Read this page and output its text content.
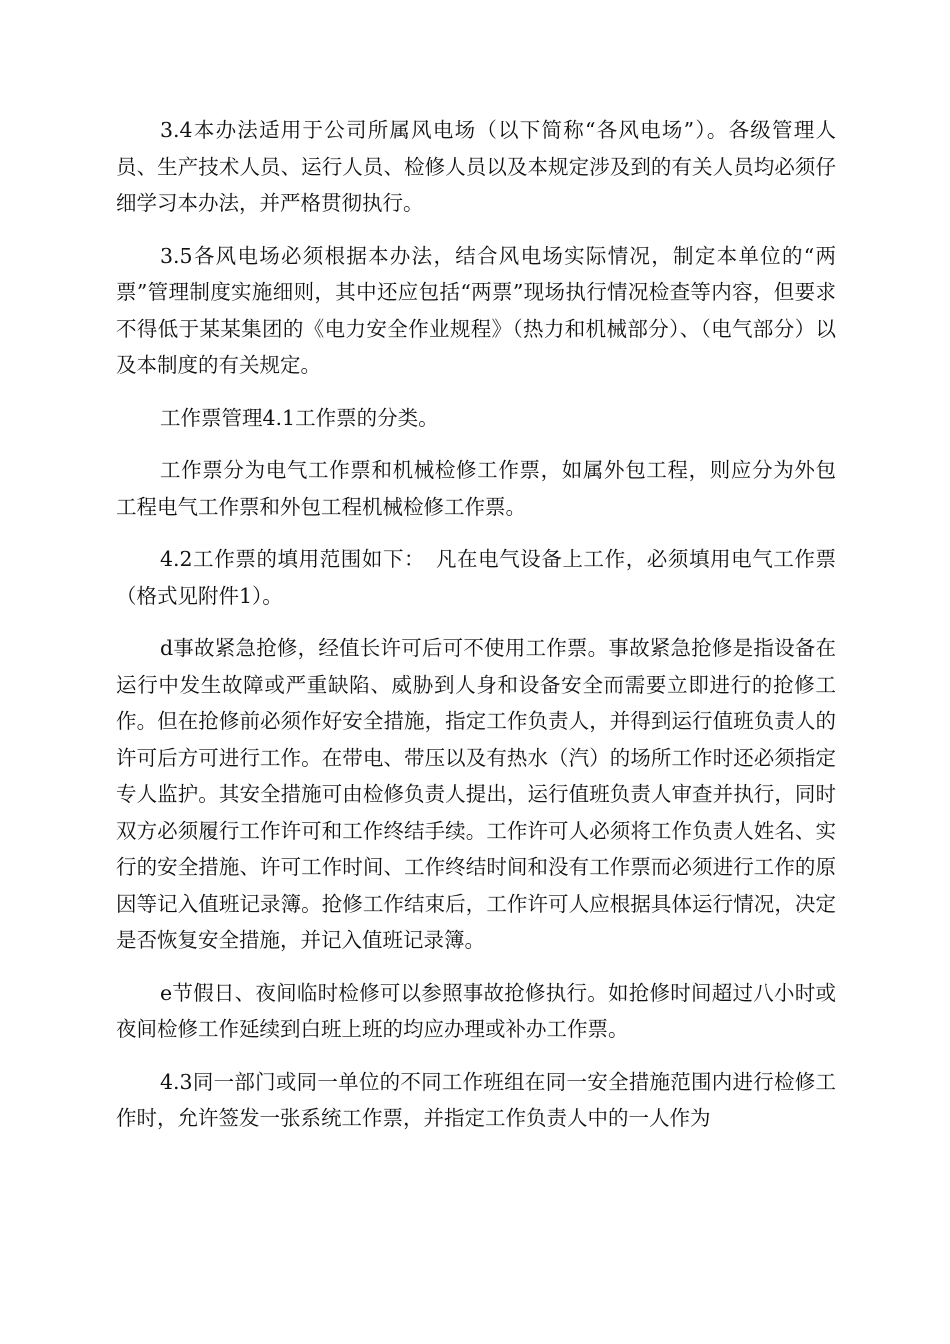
3.4本办法适用于公司所属风电场（以下简称“各风电场”）。各级管理人员、生产技术人员、运行人员、检修人员以及本规定涉及到的有关人员均必须仔细学习本办法，并严格贯彻执行。

3.5各风电场必须根据本办法，结合风电场实际情况，制定本单位的“两票”管理制度实施细则，其中还应包括“两票”现场执行情况检查等内容，但要求不得低于某某集团的《电力安全作业规程》（热力和机械部分）、（电气部分）以及本制度的有关规定。

工作票管理4.1工作票的分类。

工作票分为电气工作票和机械检修工作票，如属外包工程，则应分为外包工程电气工作票和外包工程机械检修工作票。

4.2工作票的填用范围如下：　凡在电气设备上工作，必须填用电气工作票（格式见附件1）。

d事故紧急抢修，经值长许可后可不使用工作票。事故紧急抢修是指设备在运行中发生故障或严重缺陷、威胁到人身和设备安全而需要立即进行的抢修工作。但在抢修前必须作好安全措施，指定工作负责人，并得到运行值班负责人的许可后方可进行工作。在带电、带压以及有热水（汽）的场所工作时还必须指定专人监护。其安全措施可由检修负责人提出，运行值班负责人审查并执行，同时双方必须履行工作许可和工作终结手续。工作许可人必须将工作负责人姓名、实行的安全措施、许可工作时间、工作终结时间和没有工作票而必须进行工作的原因等记入值班记录簿。抢修工作结束后，工作许可人应根据具体运行情况，决定是否恢复安全措施，并记入值班记录簿。

e节假日、夜间临时检修可以参照事故抢修执行。如抢修时间超过八小时或夜间检修工作延续到白班上班的均应办理或补办工作票。

4.3同一部门或同一单位的不同工作班组在同一安全措施范围内进行检修工作时，允许签发一张系统工作票，并指定工作负责人中的一人作为
